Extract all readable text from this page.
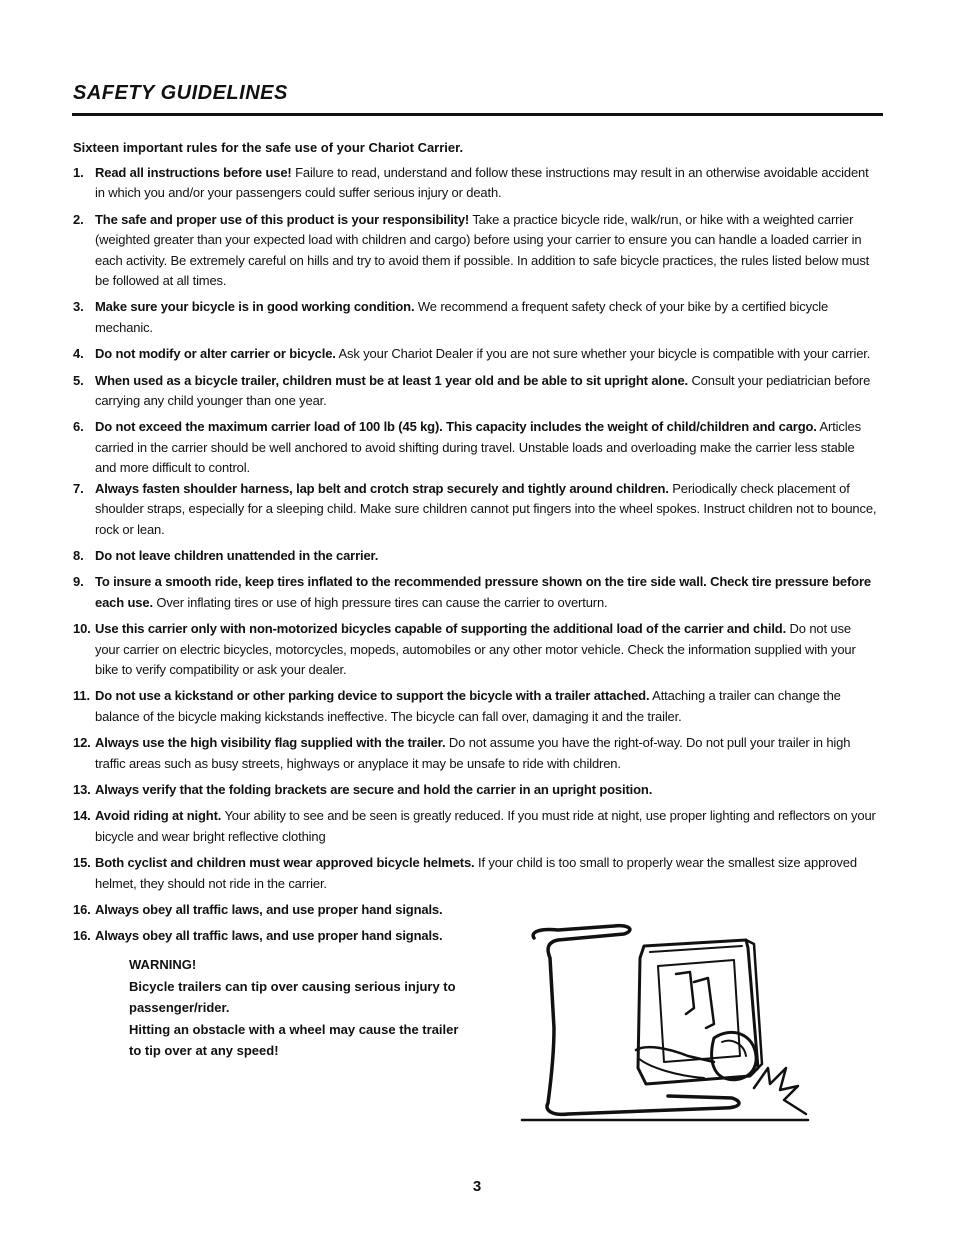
SAFETY GUIDELINES

Sixteen important rules for the safe use of your Chariot Carrier.

1. Read all instructions before use! Failure to read, understand and follow these instructions may result in an otherwise avoidable accident in which you and/or your passengers could suffer serious injury or death.
2. The safe and proper use of this product is your responsibility! Take a practice bicycle ride, walk/run, or hike with a weighted carrier (weighted greater than your expected load with children and cargo) before using your carrier to ensure you can handle a loaded carrier in each activity. Be extremely careful on hills and try to avoid them if possible. In addition to safe bicycle practices, the rules listed below must be followed at all times.
3. Make sure your bicycle is in good working condition. We recommend a frequent safety check of your bike by a certified bicycle mechanic.
4. Do not modify or alter carrier or bicycle. Ask your Chariot Dealer if you are not sure whether your bicycle is compatible with your carrier.
5. When used as a bicycle trailer, children must be at least 1 year old and be able to sit upright alone. Consult your pediatrician before carrying any child younger than one year.
6. Do not exceed the maximum carrier load of 100 lb (45 kg). This capacity includes the weight of child/children and cargo. Articles carried in the carrier should be well anchored to avoid shifting during travel. Unstable loads and overloading make the carrier less stable and more difficult to control.
7. Always fasten shoulder harness, lap belt and crotch strap securely and tightly around children. Periodically check placement of shoulder straps, especially for a sleeping child. Make sure children cannot put fingers into the wheel spokes. Instruct children not to bounce, rock or lean.
8. Do not leave children unattended in the carrier.
9. To insure a smooth ride, keep tires inflated to the recommended pressure shown on the tire side wall. Check tire pressure before each use. Over inflating tires or use of high pressure tires can cause the carrier to overturn.
10. Use this carrier only with non-motorized bicycles capable of supporting the additional load of the carrier and child. Do not use your carrier on electric bicycles, motorcycles, mopeds, automobiles or any other motor vehicle. Check the information supplied with your bike to verify compatibility or ask your dealer.
11. Do not use a kickstand or other parking device to support the bicycle with a trailer attached. Attaching a trailer can change the balance of the bicycle making kickstands ineffective. The bicycle can fall over, damaging it and the trailer.
12. Always use the high visibility flag supplied with the trailer. Do not assume you have the right-of-way. Do not pull your trailer in high traffic areas such as busy streets, highways or anyplace it may be unsafe to ride with children.
13. Always verify that the folding brackets are secure and hold the carrier in an upright position.
14. Avoid riding at night. Your ability to see and be seen is greatly reduced. If you must ride at night, use proper lighting and reflectors on your bicycle and wear bright reflective clothing
15. Both cyclist and children must wear approved bicycle helmets. If your child is too small to properly wear the smallest size approved helmet, they should not ride in the carrier.
16. Always obey all traffic laws, and use proper hand signals.
16. Always obey all traffic laws, and use proper hand signals.
WARNING!
Bicycle trailers can tip over causing serious injury to passenger/rider.
Hitting an obstacle with a wheel may cause the trailer to tip over at any speed!
3
